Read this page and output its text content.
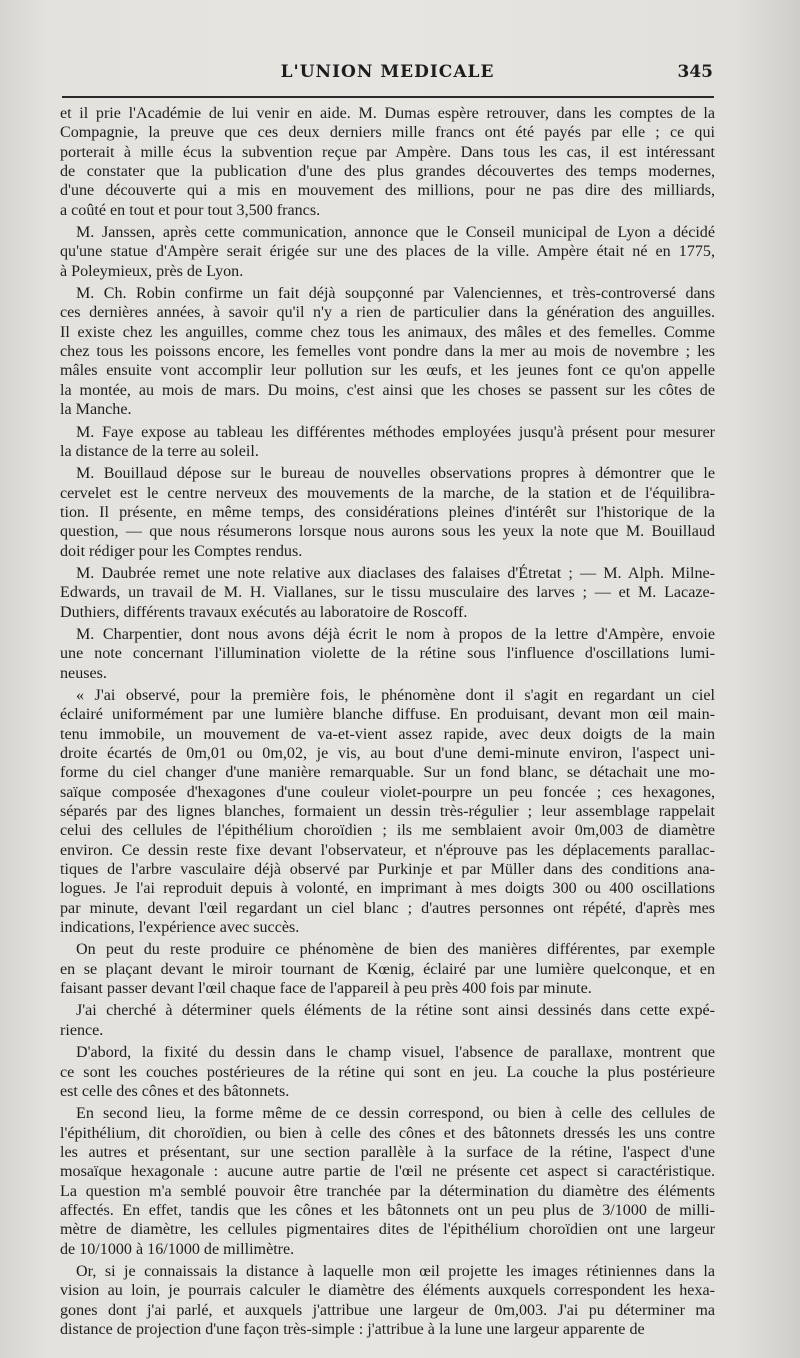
L'UNION MEDICALE	345
et il prie l'Académie de lui venir en aide. M. Dumas espère retrouver, dans les comptes de la
Compagnie, la preuve que ces deux derniers mille francs ont été payés par elle ; ce qui
porterait à mille écus la subvention reçue par Ampère. Dans tous les cas, il est intéressant
de constater que la publication d'une des plus grandes découvertes des temps modernes,
d'une découverte qui a mis en mouvement des millions, pour ne pas dire des milliards,
a coûté en tout et pour tout 3,500 francs.
M. Janssen, après cette communication, annonce que le Conseil municipal de Lyon a décidé
qu'une statue d'Ampère serait érigée sur une des places de la ville. Ampère était né en 1775,
à Poleymieux, près de Lyon.
M. Ch. Robin confirme un fait déjà soupçonné par Valenciennes, et très-controversé dans
ces dernières années, à savoir qu'il n'y a rien de particulier dans la génération des anguilles.
Il existe chez les anguilles, comme chez tous les animaux, des mâles et des femelles. Comme
chez tous les poissons encore, les femelles vont pondre dans la mer au mois de novembre ; les
mâles ensuite vont accomplir leur pollution sur les œufs, et les jeunes font ce qu'on appelle
la montée, au mois de mars. Du moins, c'est ainsi que les choses se passent sur les côtes de
la Manche.
M. Faye expose au tableau les différentes méthodes employées jusqu'à présent pour mesurer
la distance de la terre au soleil.
M. Bouillaud dépose sur le bureau de nouvelles observations propres à démontrer que le
cervelet est le centre nerveux des mouvements de la marche, de la station et de l'équilibra-
tion. Il présente, en même temps, des considérations pleines d'intérêt sur l'historique de la
question, — que nous résumerons lorsque nous aurons sous les yeux la note que M. Bouillaud
doit rédiger pour les Comptes rendus.
M. Daubrée remet une note relative aux diaclases des falaises d'Étretat ; — M. Alph. Milne-
Edwards, un travail de M. H. Viallanes, sur le tissu musculaire des larves ; — et M. Lacaze-
Duthiers, différents travaux exécutés au laboratoire de Roscoff.
M. Charpentier, dont nous avons déjà écrit le nom à propos de la lettre d'Ampère, envoie
une note concernant l'illumination violette de la rétine sous l'influence d'oscillations lumi-
neuses.
« J'ai observé, pour la première fois, le phénomène dont il s'agit en regardant un ciel
éclairé uniformément par une lumière blanche diffuse. En produisant, devant mon œil main-
tenu immobile, un mouvement de va-et-vient assez rapide, avec deux doigts de la main
droite écartés de 0m,01 ou 0m,02, je vis, au bout d'une demi-minute environ, l'aspect uni-
forme du ciel changer d'une manière remarquable. Sur un fond blanc, se détachait une mo-
saïque composée d'hexagones d'une couleur violet-pourpre un peu foncée ; ces hexagones,
séparés par des lignes blanches, formaient un dessin très-régulier ; leur assemblage rappelait
celui des cellules de l'épithélium choroïdien ; ils me semblaient avoir 0m,003 de diamètre
environ. Ce dessin reste fixe devant l'observateur, et n'éprouve pas les déplacements parallac-
tiques de l'arbre vasculaire déjà observé par Purkinje et par Müller dans des conditions ana-
logues. Je l'ai reproduit depuis à volonté, en imprimant à mes doigts 300 ou 400 oscillations
par minute, devant l'œil regardant un ciel blanc ; d'autres personnes ont répété, d'après mes
indications, l'expérience avec succès.
On peut du reste produire ce phénomène de bien des manières différentes, par exemple
en se plaçant devant le miroir tournant de Kœnig, éclairé par une lumière quelconque, et en
faisant passer devant l'œil chaque face de l'appareil à peu près 400 fois par minute.
J'ai cherché à déterminer quels éléments de la rétine sont ainsi dessinés dans cette expé-
rience.
D'abord, la fixité du dessin dans le champ visuel, l'absence de parallaxe, montrent que
ce sont les couches postérieures de la rétine qui sont en jeu. La couche la plus postérieure
est celle des cônes et des bâtonnets.
En second lieu, la forme même de ce dessin correspond, ou bien à celle des cellules de
l'épithélium, dit choroïdien, ou bien à celle des cônes et des bâtonnets dressés les uns contre
les autres et présentant, sur une section parallèle à la surface de la rétine, l'aspect d'une
mosaïque hexagonale : aucune autre partie de l'œil ne présente cet aspect si caractéristique.
La question m'a semblé pouvoir être tranchée par la détermination du diamètre des éléments
affectés. En effet, tandis que les cônes et les bâtonnets ont un peu plus de 3/1000 de milli-
mètre de diamètre, les cellules pigmentaires dites de l'épithélium choroïdien ont une largeur
de 10/1000 à 16/1000 de millimètre.
Or, si je connaissais la distance à laquelle mon œil projette les images rétiniennes dans la
vision au loin, je pourrais calculer le diamètre des éléments auxquels correspondent les hexa-
gones dont j'ai parlé, et auxquels j'attribue une largeur de 0m,003. J'ai pu déterminer ma
distance de projection d'une façon très-simple : j'attribue à la lune une largeur apparente de
